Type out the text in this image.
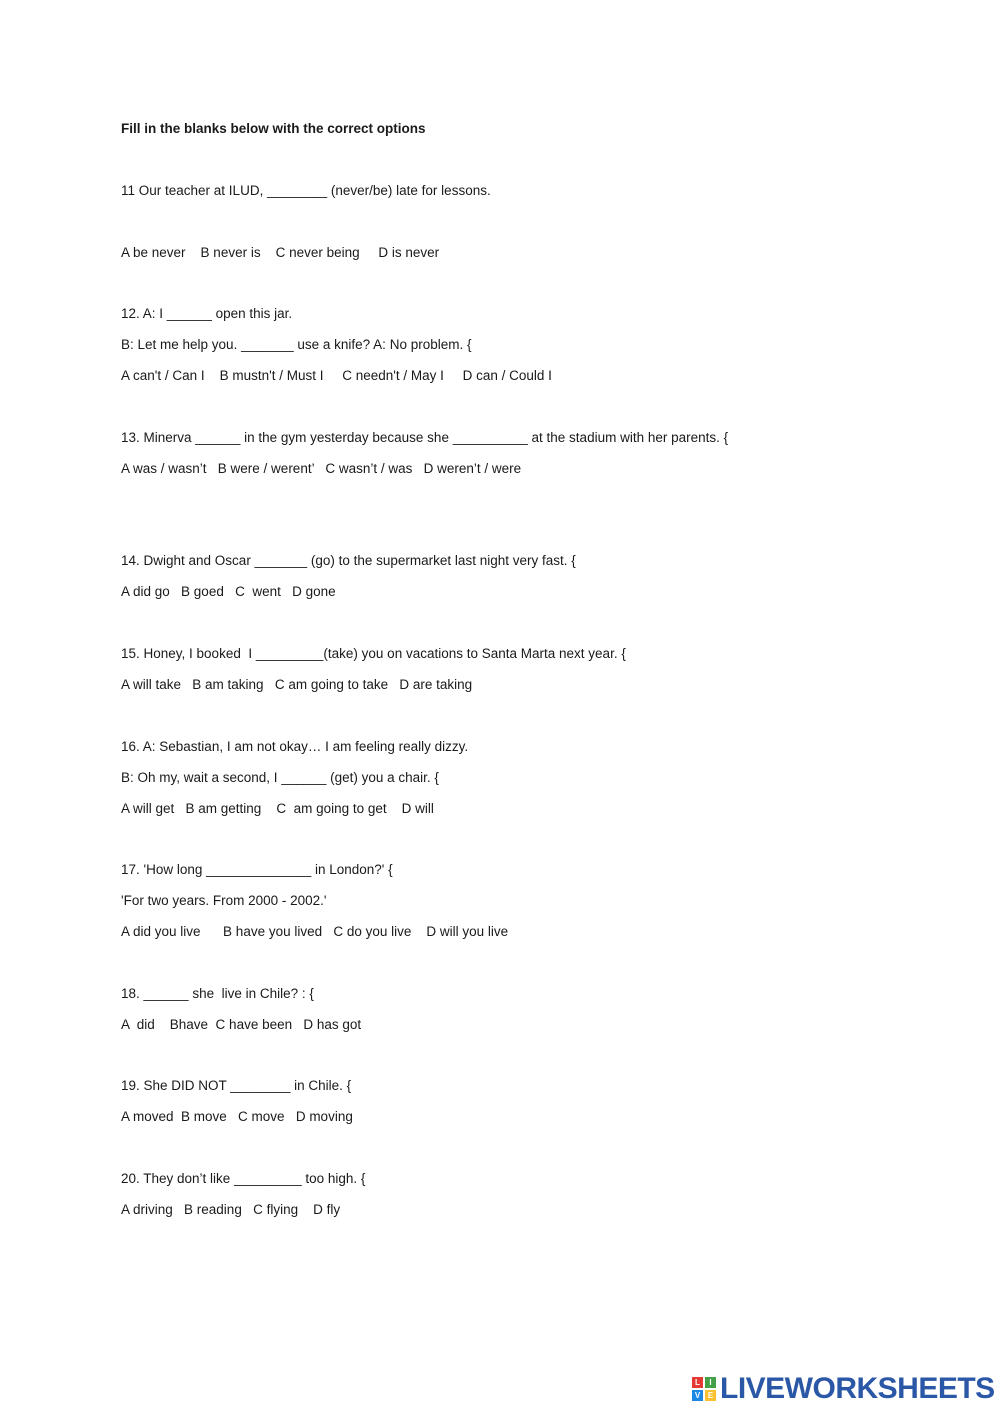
Fill in the blanks below with the correct options

11 Our teacher at ILUD, ________ (never/be) late for lessons.
A be never    B never is    C never being     D is never
12. A: I ______ open this jar.
B: Let me help you. _______ use a knife? A: No problem. {
A can't / Can I    B mustn't / Must I     C needn't / May I     D can / Could I
13. Minerva ______ in the gym yesterday because she __________ at the stadium with her parents. {
A was / wasn’t   B were / werent’   C wasn’t / was   D weren’t / were
14. Dwight and Oscar _______ (go) to the supermarket last night very fast. {
A did go   B goed   C  went   D gone
15. Honey, I booked  I _________(take) you on vacations to Santa Marta next year. {
A will take   B am taking   C am going to take   D are taking
16. A: Sebastian, I am not okay… I am feeling really dizzy.
B: Oh my, wait a second, I ______ (get) you a chair. {
A will get   B am getting    C  am going to get    D will
17. 'How long ______________ in London?' {
'For two years. From 2000 - 2002.'
A did you live      B have you lived   C do you live    D will you live
18. ______ she  live in Chile? : {
A  did    Bhave  C have been   D has got
19. She DID NOT ________ in Chile. {
A moved  B move   C move   D moving
20. They don’t like _________ too high. {
A driving   B reading   C flying    D fly
L	I
V E LIVEWORKSHEETS
